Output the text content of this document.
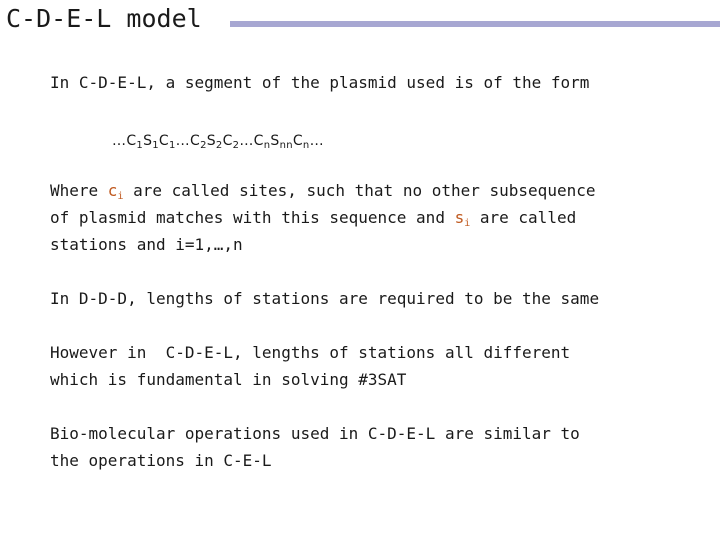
C-D-E-L model
In C-D-E-L, a segment of the plasmid used is of the form
$\dots C_1S_1C_1\dots C_2S_2C_2\dots C_nS_{nn}C_n\dots$
Where ci are called sites, such that no other subsequence
of plasmid matches with this sequence and si are called
stations and i=1,…,n
In D-D-D, lengths of stations are required to be the same
However in  C-D-E-L, lengths of stations all different
which is fundamental in solving #3SAT
Bio-molecular operations used in C-D-E-L are similar to
the operations in C-E-L
